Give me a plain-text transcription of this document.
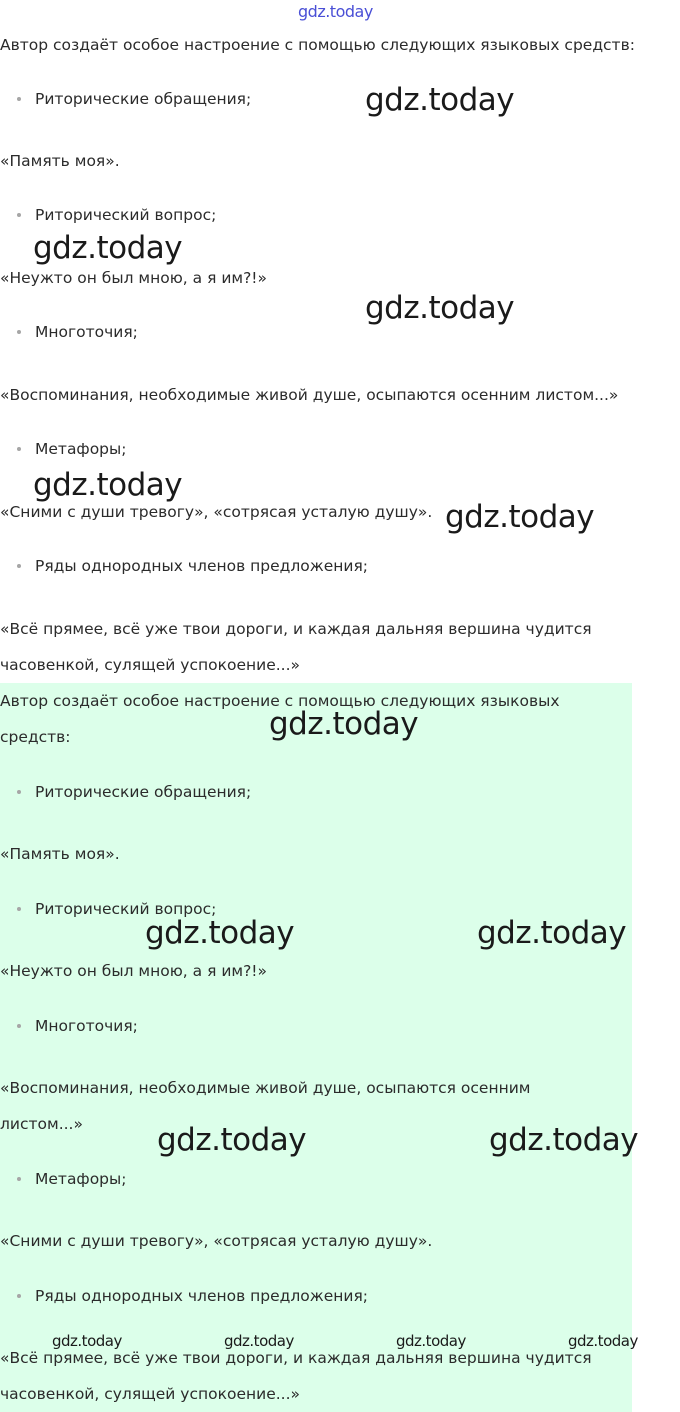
gdz.today

Автор создаёт особое настроение с помощью следующих языковых средств:

Риторические обращения;

«Память моя».

Риторический вопрос;

«Неужто он был мною, а я им?!»

Многоточия;

«Воспоминания, необходимые живой душе, осыпаются осенним листом...»

Метафоры;

«Сними с души тревогу», «сотрясая усталую душу».

Ряды однородных членов предложения;

«Всё прямее, всё уже твои дороги, и каждая дальняя вершина чудится

часовенкой, сулящей успокоение...»

Автор создаёт особое настроение с помощью следующих языковых

средств:

Риторические обращения;

«Память моя».

Риторический вопрос;

«Неужто он был мною, а я им?!»

Многоточия;

«Воспоминания, необходимые живой душе, осыпаются осенним

листом...»

Метафоры;

«Сними с души тревогу», «сотрясая усталую душу».

Ряды однородных членов предложения;

«Всё прямее, всё уже твои дороги, и каждая дальняя вершина чудится

часовенкой, сулящей успокоение...»

gdz.today
gdz.today
gdz.today
gdz.today
gdz.today
gdz.today
gdz.today	gdz.today
gdz.today	gdz.today
gdz.today	gdz.today	gdz.today	gdz.today
